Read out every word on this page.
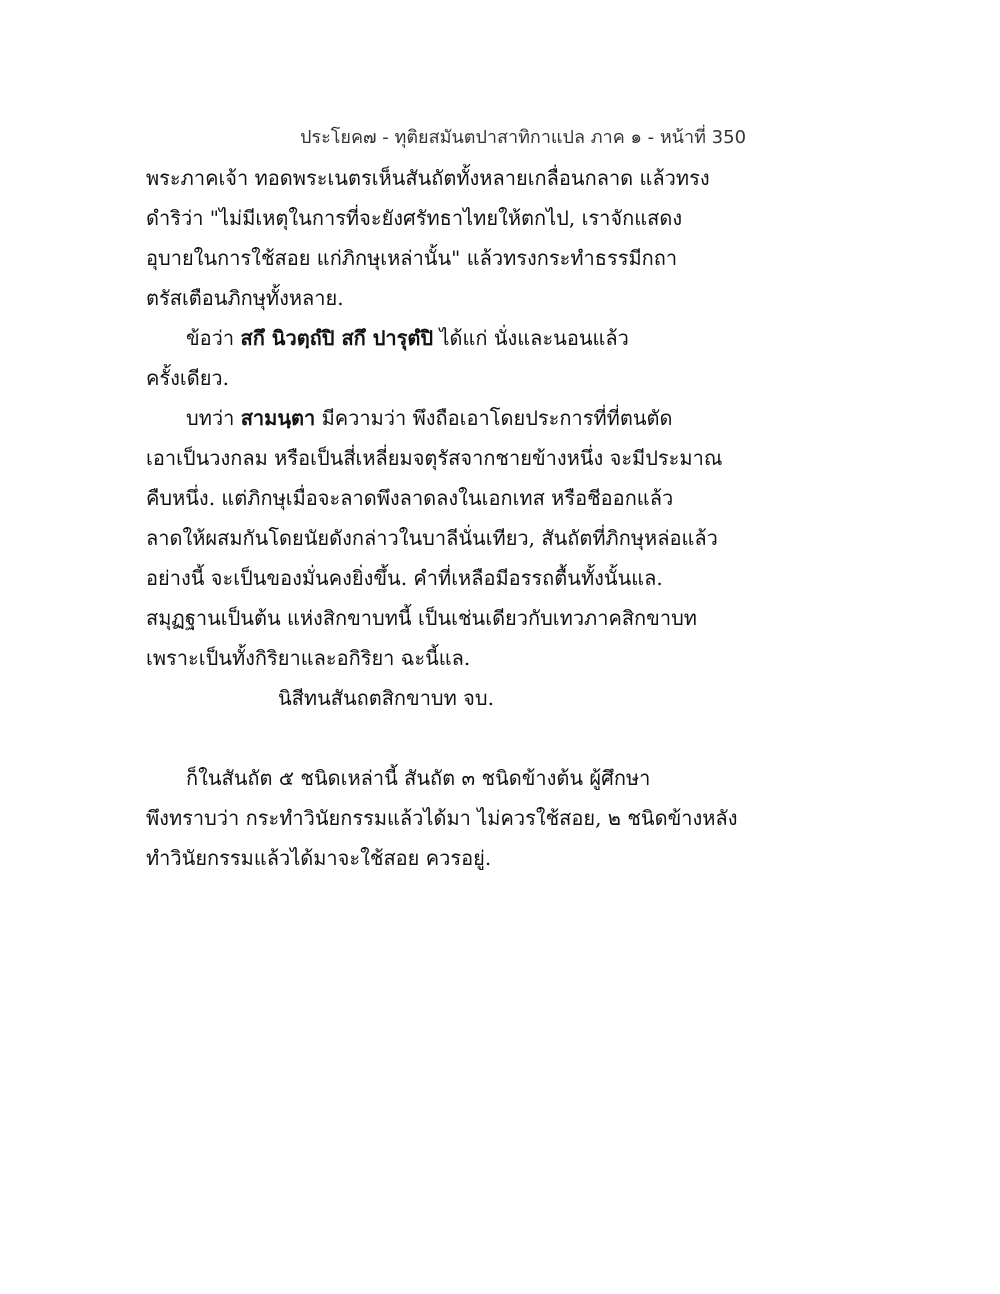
ประโยค๗ - ทุติยสมันตปาสาทิกาแปล ภาค ๑ - หน้าที่ 350
พระภาคเจ้า ทอดพระเนตรเห็นสันถัตทั้งหลายเกลื่อนกลาด แล้วทรง
ดำริว่า "ไม่มีเหตุในการที่จะยังศรัทธาไทยให้ตกไป, เราจักแสดง
อุบายในการใช้สอย แก่ภิกษุเหล่านั้น" แล้วทรงกระทำธรรมีกถา
ตรัสเตือนภิกษุทั้งหลาย.
ข้อว่า สกึ นิวตฺถํปิ สกึ ปารุตํปิ ได้แก่ นั่งและนอนแล้ว
ครั้งเดียว.
บทว่า สามนฺตา มีความว่า พึงถือเอาโดยประการที่ที่ตนตัด
เอาเป็นวงกลม หรือเป็นสี่เหลี่ยมจตุรัสจากชายข้างหนึ่ง จะมีประมาณ
คืบหนึ่ง. แต่ภิกษุเมื่อจะลาดพึงลาดลงในเอกเทส หรือชีออกแล้ว
ลาดให้ผสมกันโดยนัยดังกล่าวในบาลีนั่นเทียว, สันถัตที่ภิกษุหล่อแล้ว
อย่างนี้ จะเป็นของมั่นคงยิ่งขึ้น. คำที่เหลือมีอรรถตื้นทั้งนั้นแล.
สมุฏฐานเป็นต้น แห่งสิกขาบทนี้ เป็นเช่นเดียวกับเทวภาคสิกขาบท
เพราะเป็นทั้งกิริยาและอกิริยา ฉะนี้แล.
นิสีทนสันถตสิกขาบท จบ.
ก็ในสันถัต ๕ ชนิดเหล่านี้ สันถัต ๓ ชนิดข้างต้น ผู้ศึกษา
พึงทราบว่า กระทำวินัยกรรมแล้วได้มา ไม่ควรใช้สอย, ๒ ชนิดข้างหลัง
ทำวินัยกรรมแล้วได้มาจะใช้สอย ควรอยู่.
